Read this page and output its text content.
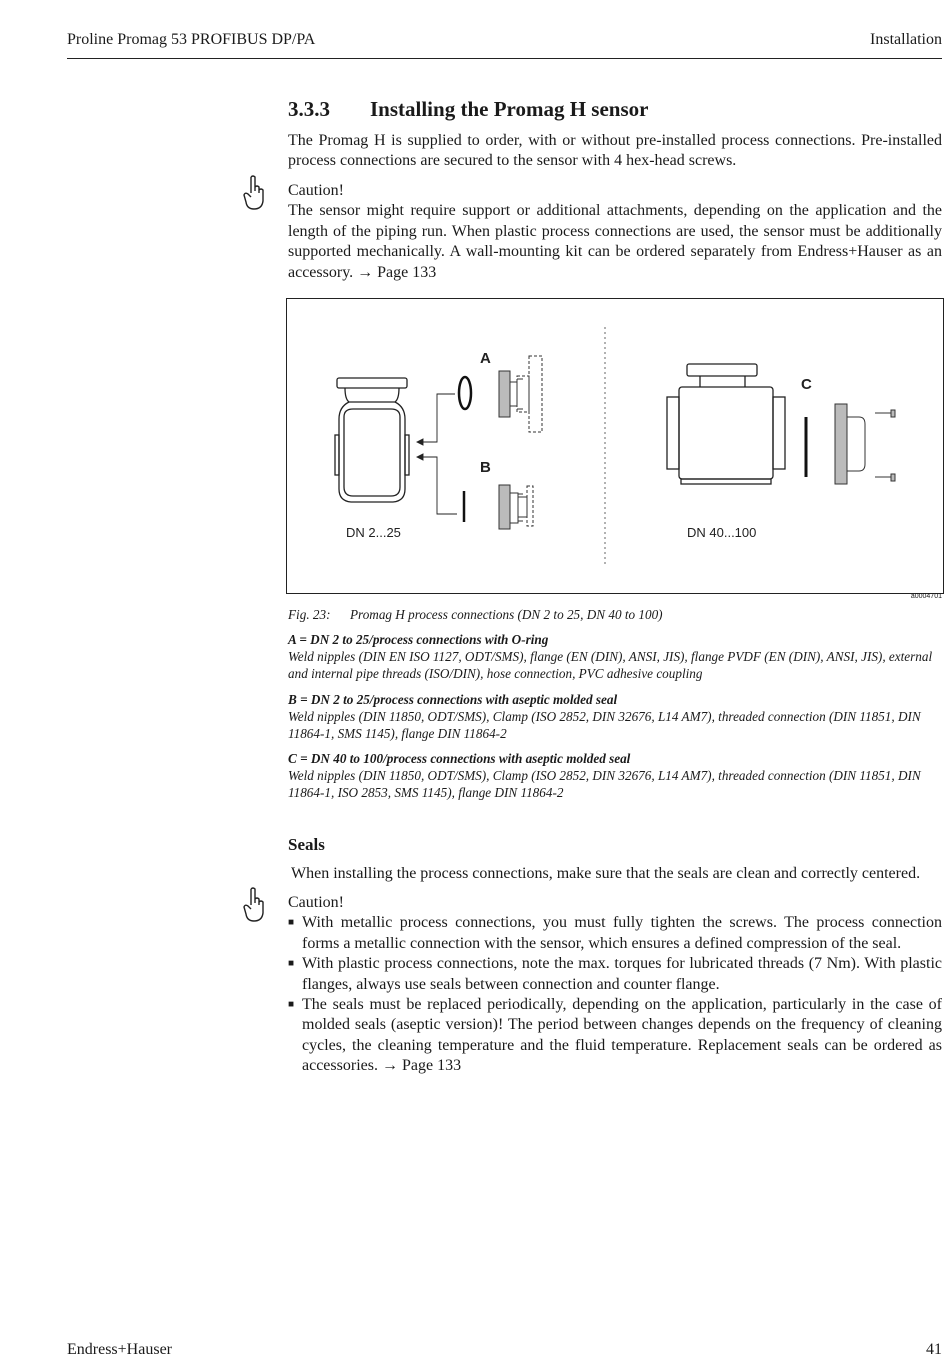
Proline Promag 53 PROFIBUS DP/PA	Installation
3.3.3 Installing the Promag H sensor

The Promag H is supplied to order, with or without pre-installed process connections. Pre-installed process connections are secured to the sensor with 4 hex-head screws.

Caution!

The sensor might require support or additional attachments, depending on the application and the length of the piping run. When plastic process connections are used, the sensor must be additionally supported mechanically. A wall-mounting kit can be ordered separately from Endress+Hauser as an accessory. → Page 133

A
B
DN 2...25
C
DN 40...100
a0004701
Fig. 23: Promag H process connections (DN 2 to 25, DN 40 to 100)
A = DN 2 to 25/process connections with O-ring
Weld nipples (DIN EN ISO 1127, ODT/SMS), flange (EN (DIN), ANSI, JIS), flange PVDF (EN (DIN), ANSI, JIS), external and internal pipe threads (ISO/DIN), hose connection, PVC adhesive coupling
B = DN 2 to 25/process connections with aseptic molded seal
Weld nipples (DIN 11850, ODT/SMS), Clamp (ISO 2852, DIN 32676, L14 AM7), threaded connection (DIN 11851, DIN 11864-1, SMS 1145), flange DIN 11864-2
C = DN 40 to 100/process connections with aseptic molded seal
Weld nipples (DIN 11850, ODT/SMS), Clamp (ISO 2852, DIN 32676, L14 AM7), threaded connection (DIN 11851, DIN 11864-1, ISO 2853, SMS 1145), flange DIN 11864-2
Seals

When installing the process connections, make sure that the seals are clean and correctly centered.

Caution!

■ With metallic process connections, you must fully tighten the screws. The process connection forms a metallic connection with the sensor, which ensures a defined compression of the seal.
■ With plastic process connections, note the max. torques for lubricated threads (7 Nm). With plastic flanges, always use seals between connection and counter flange.
■ The seals must be replaced periodically, depending on the application, particularly in the case of molded seals (aseptic version)! The period between changes depends on the frequency of cleaning cycles, the cleaning temperature and the fluid temperature. Replacement seals can be ordered as accessories. → Page 133
Endress+Hauser	41
